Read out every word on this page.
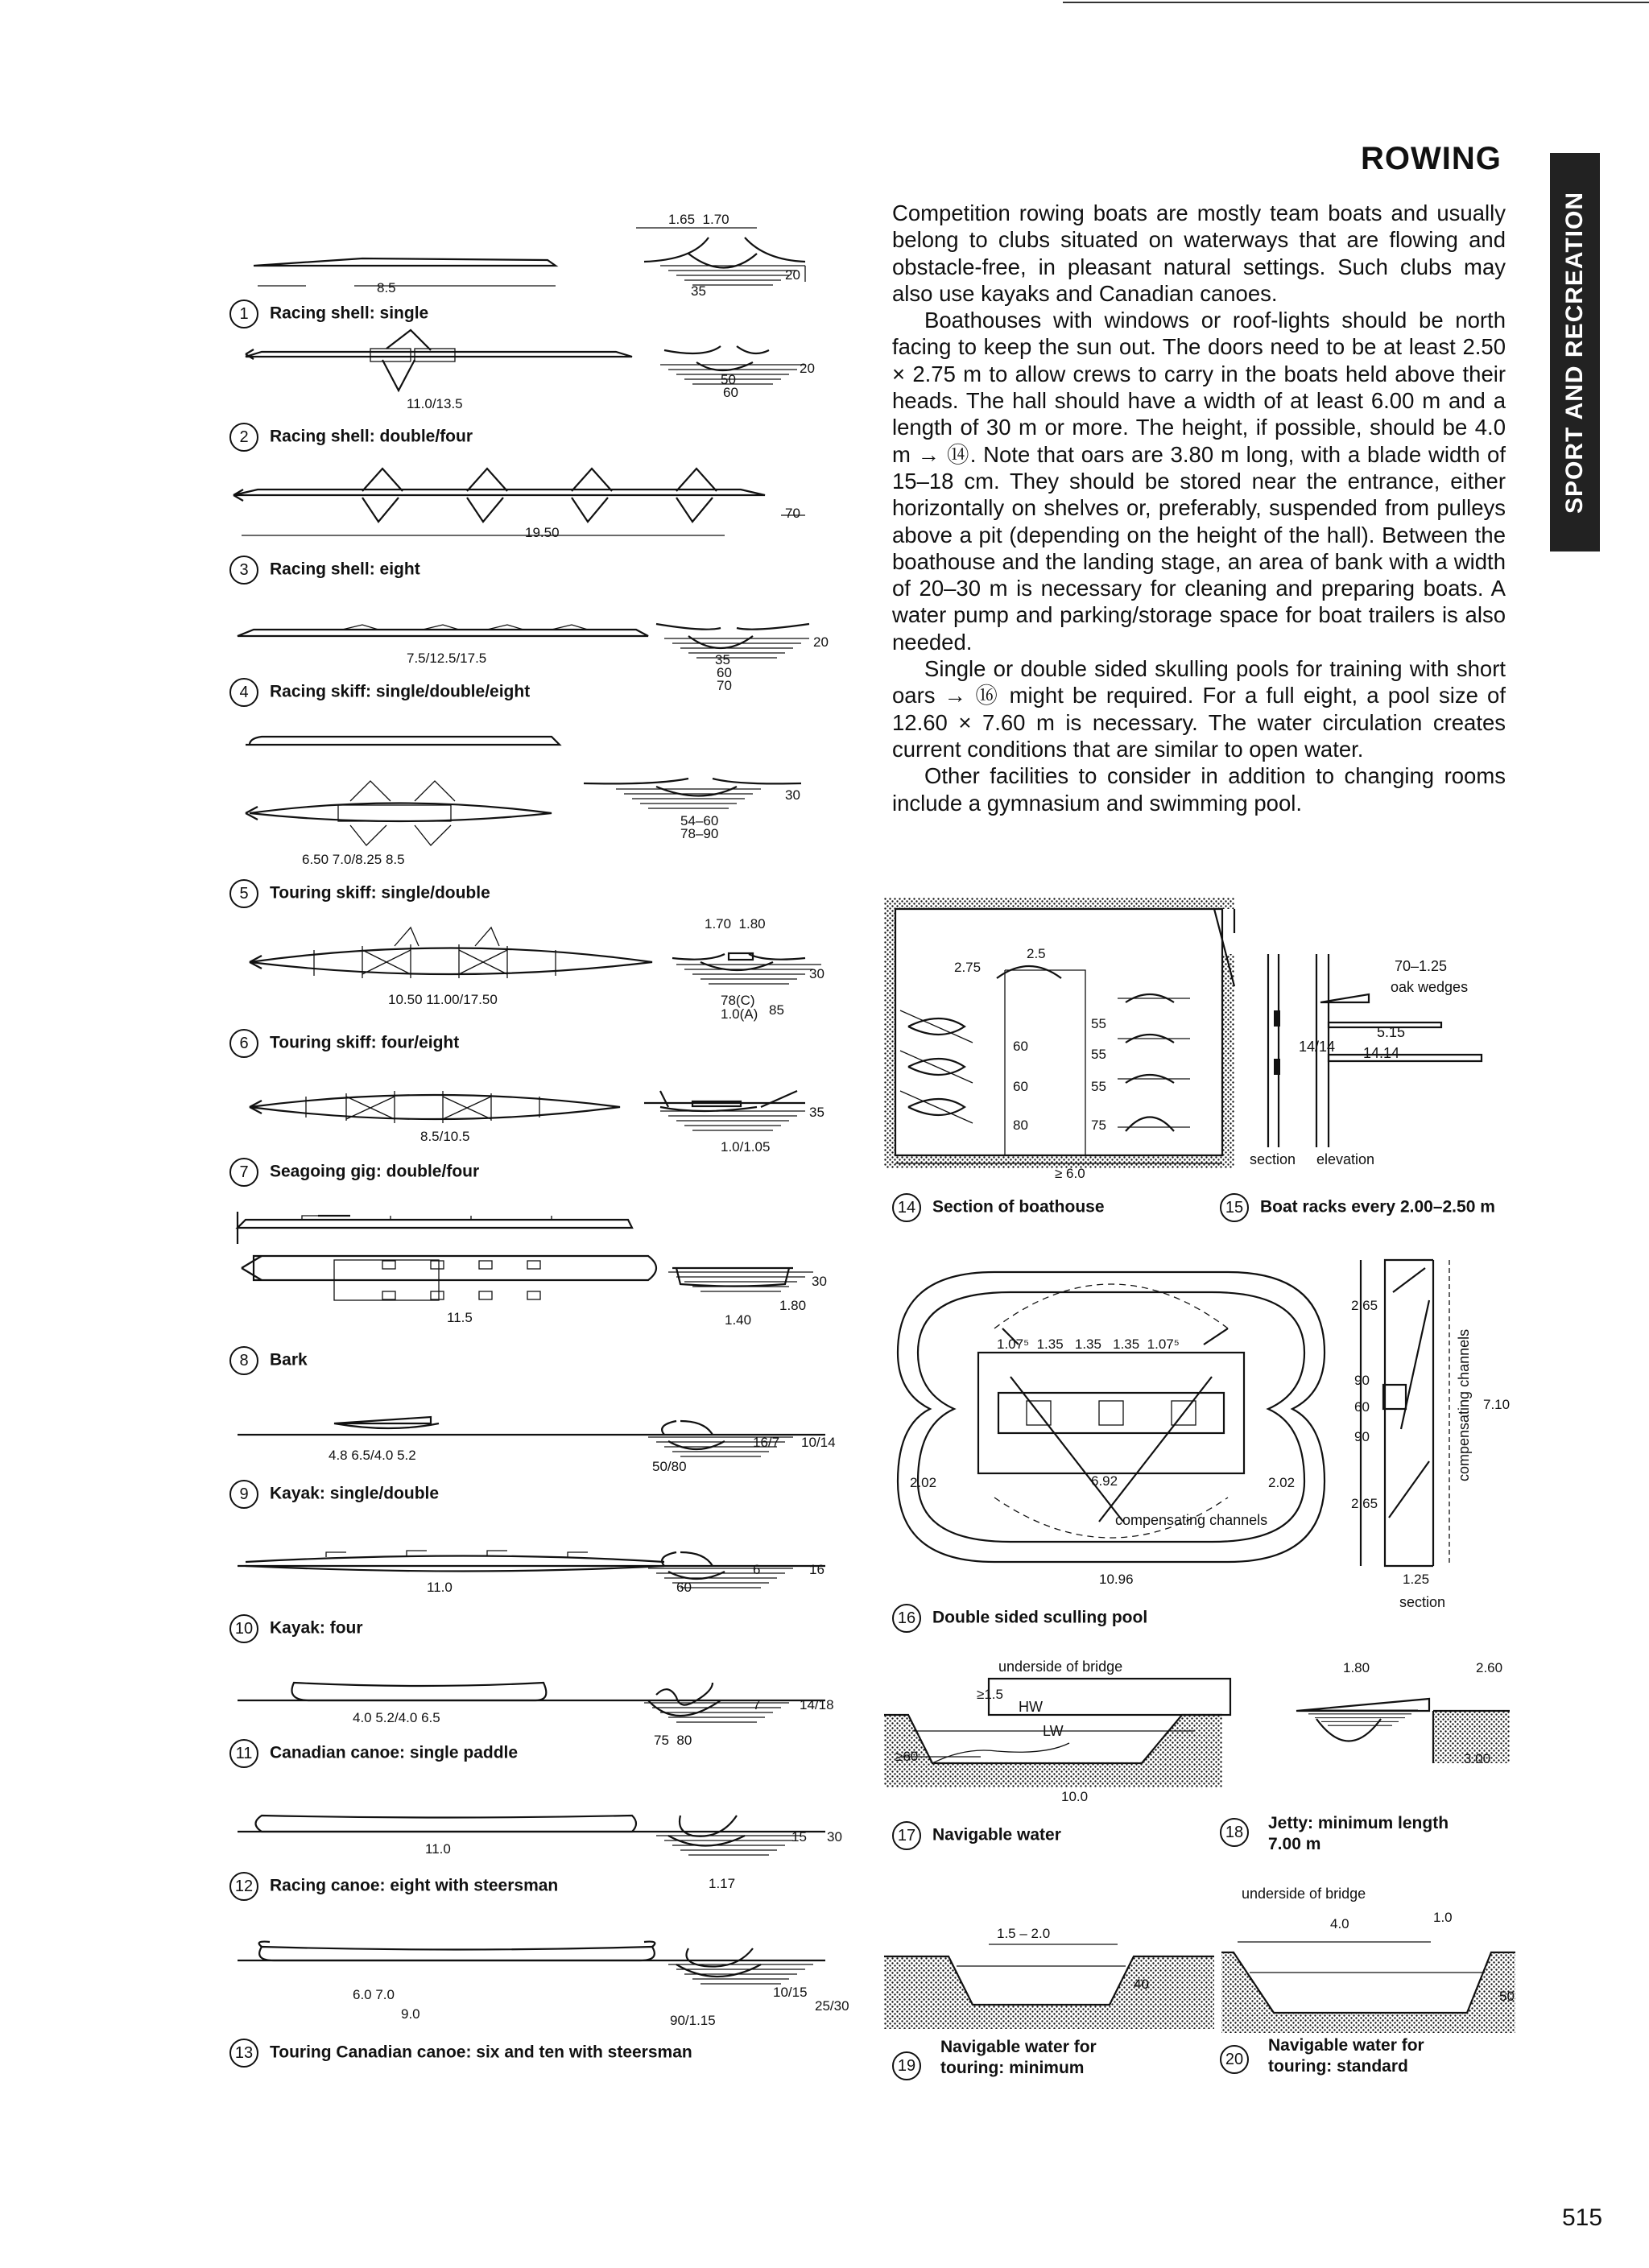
ROWING
SPORT AND RECREATION

Competition rowing boats are mostly team boats and usually belong to clubs situated on waterways that are flowing and obstacle-free, in pleasant natural settings. Such clubs may also use kayaks and Canadian canoes.

Boathouses with windows or roof-lights should be north facing to keep the sun out. The doors need to be at least 2.50 × 2.75 m to allow crews to carry in the boats held above their heads. The hall should have a width of at least 6.00 m and a length of 30 m or more. The height, if possible, should be 4.0 m → ⑭. Note that oars are 3.80 m long, with a blade width of 15–18 cm. They should be stored near the entrance, either horizontally on shelves or, preferably, suspended from pulleys above a pit (depending on the height of the hall). Between the boathouse and the landing stage, an area of bank with a width of 20–30 m is necessary for cleaning and preparing boats. A water pump and parking/storage space for boat trailers is also needed.

Single or double sided skulling pools for training with short oars → ⑯ might be required. For a full eight, a pool size of 12.60 × 7.60 m is necessary. The water circulation creates current conditions that are similar to open water.

Other facilities to consider in addition to changing rooms include a gymnasium and swimming pool.

8.5
1.65 1.70
35
20
1 Racing shell: single
11.0/13.5
50
60
20
2 Racing shell: double/four
19.50
70
3 Racing shell: eight
7.5/12.5/17.5	35
60
70
20
4 Racing skiff: single/double/eight
6.50 7.0/8.25 8.5
54–60
78–90
30
5 Touring skiff: single/double
10.50 11.00/17.50
1.70 1.80
78(C)
1.0(A) 85
30
6 Touring skiff: four/eight
8.5/10.5
1.0/1.05
35
7 Seagoing gig: double/four
11.5	1.40
1.80
30
8 Bark
4.8 6.5/4.0 5.2
50/80
16/7 10/14
9 Kayak: single/double
11.0	60
6	16
10 Kayak: four
4.0 5.2/4.0 6.5
75 80
7	14/18
11 Canadian canoe: single paddle
11.0
1.17
15 30
12 Racing canoe: eight with steersman
6.0 7.0
9.0	90/1.15
10/15
25/30
13 Touring Canadian canoe: six and ten with steersman
2.75
2.5
55
55
55
60
60
80	75
≥ 6.0
14 Section of boathouse
70–1.25
oak wedges
5.15
14.14
14/14
section elevation
15 Boat racks every 2.00–2.50 m
1.07⁵ 1.35 1.35 1.35 1.07⁵
2.02	6.92	2.02
compensating channels
10.96
2.65
90
60
90
2.65
7.10
compensating channels
1.25
section
16 Double sided sculling pool
underside of bridge
≥1.5
HW
LW
≥60
10.0
17 Navigable water
1.80	2.60
3.00
18	Jetty: minimum length 7.00 m
1.5 – 2.0
40
19
Navigable water for touring: minimum
underside of bridge
4.0	1.0
50
20
Navigable water for touring: standard
515
